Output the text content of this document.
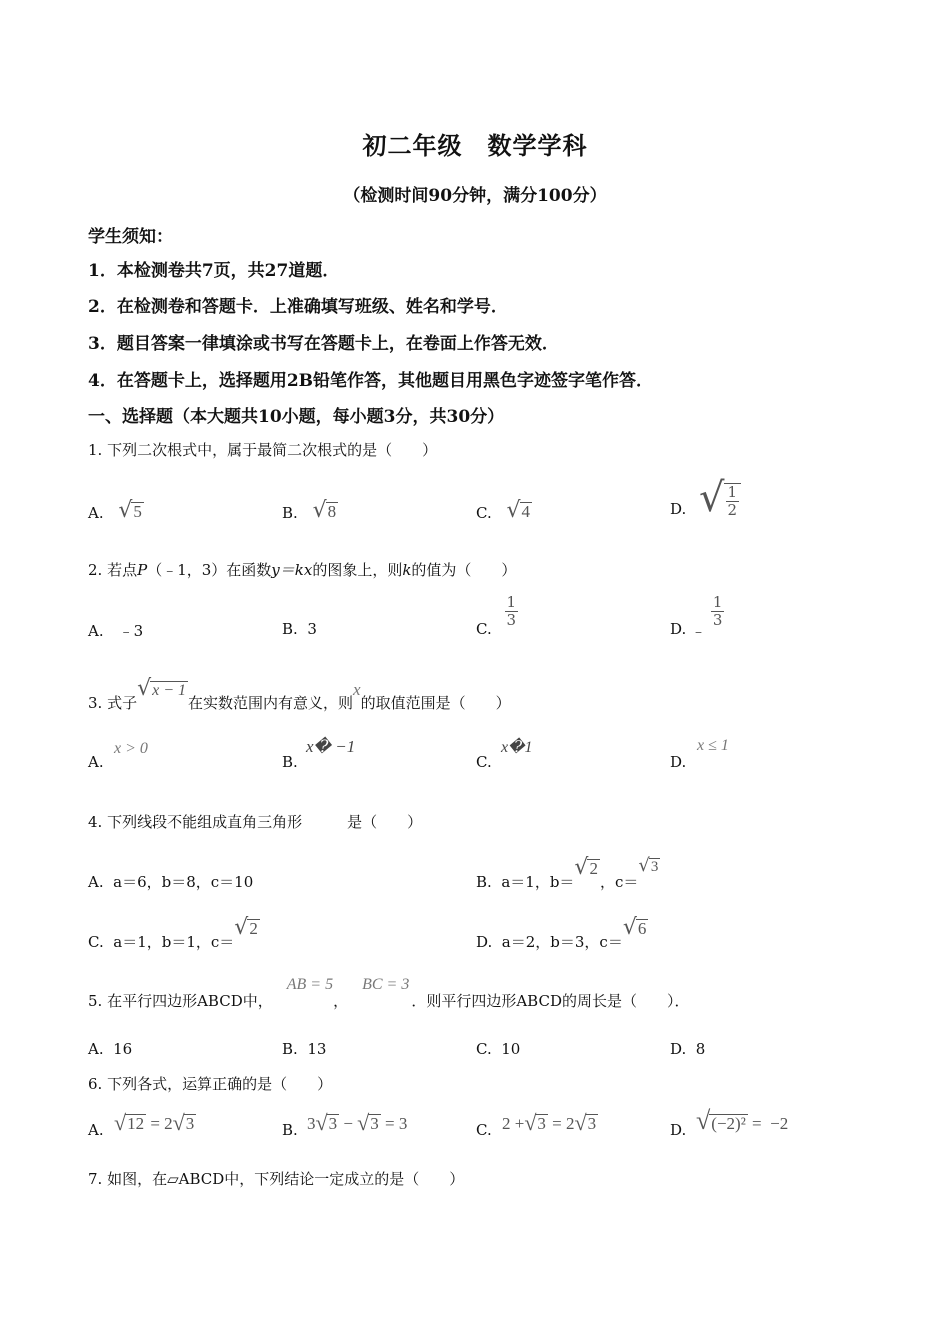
初二年级　数学学科
（检测时间90分钟，满分100分）
学生须知：
1．本检测卷共7页，共27道题．
2．在检测卷和答题卡．上准确填写班级、姓名和学号．
3．题目答案一律填涂或书写在答题卡上，在卷面上作答无效．
4．在答题卡上，选择题用2B铅笔作答，其他题目用黑色字迹签字笔作答．
一、选择题（本大题共10小题，每小题3分，共30分）
1. 下列二次根式中，属于最简二次根式的是（　　）
A. √ 5	B. √ 8	C. √ 4	D. √ $\frac{1}{2}$
2. 若点P（﹣1，3）在函数y＝kx的图象上，则k的值为（　　）
A.　﹣3	B.  3	C.
$\frac{1}{3}$
D. ﹣
$\frac{1}{3}$
3. 式子
√ x − 1
在实数范围内有意义，则x的取值范围是（　　）
A.
x > 0
B.
x� −1
C.
x�1
D.
x ≤ 1
4. 下列线段不能组成直角三角形　　　是（　　）
A.  a＝6，b＝8，c＝10	B.  a＝1，b＝
√ 2
，c＝
√ 3
C.  a＝1，b＝1，c＝
√ 2
D.  a＝2，b＝3，c＝
√ 6
5. 在平行四边形ABCD中，AB = 5，BC = 3．则平行四边形ABCD的周长是（　　）．
A.  16	B.  13	C.  10	D.  8
6. 下列各式，运算正确的是（　　）
A. √ 12 = 2 √ 3	B. 3 √ 3 − √ 3 = 3	C. 2 + √ 3 = 2 √ 3	D. √ (−2)² =  −2
7. 如图，在▱ABCD中，下列结论一定成立的是（　　）
